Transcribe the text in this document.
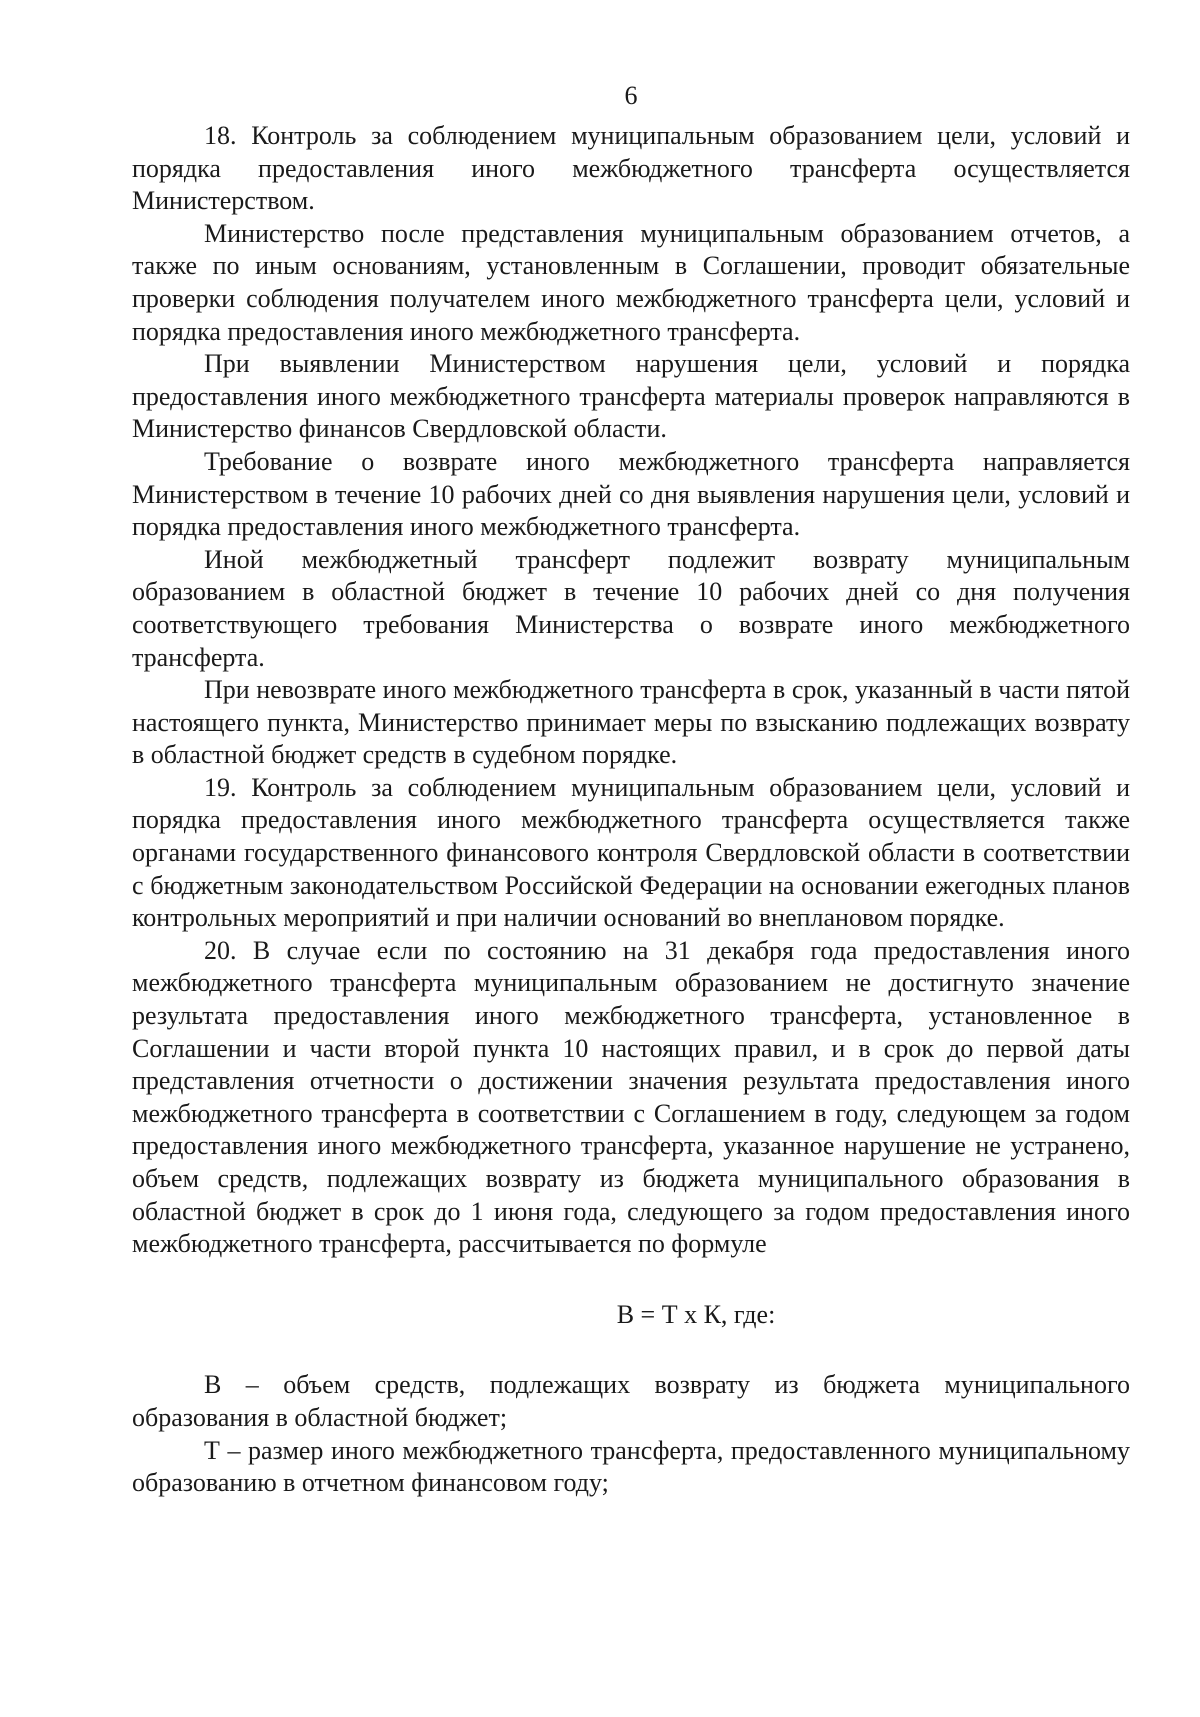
6

18. Контроль за соблюдением муниципальным образованием цели, условий и порядка предоставления иного межбюджетного трансферта осуществляется Министерством.

Министерство после представления муниципальным образованием отчетов, а также по иным основаниям, установленным в Соглашении, проводит обязательные проверки соблюдения получателем иного межбюджетного трансферта цели, условий и порядка предоставления иного межбюджетного трансферта.

При выявлении Министерством нарушения цели, условий и порядка предоставления иного межбюджетного трансферта материалы проверок направляются в Министерство финансов Свердловской области.

Требование о возврате иного межбюджетного трансферта направляется Министерством в течение 10 рабочих дней со дня выявления нарушения цели, условий и порядка предоставления иного межбюджетного трансферта.

Иной межбюджетный трансферт подлежит возврату муниципальным образованием в областной бюджет в течение 10 рабочих дней со дня получения соответствующего требования Министерства о возврате иного межбюджетного трансферта.

При невозврате иного межбюджетного трансферта в срок, указанный в части пятой настоящего пункта, Министерство принимает меры по взысканию подлежащих возврату в областной бюджет средств в судебном порядке.

19. Контроль за соблюдением муниципальным образованием цели, условий и порядка предоставления иного межбюджетного трансферта осуществляется также органами государственного финансового контроля Свердловской области в соответствии с бюджетным законодательством Российской Федерации на основании ежегодных планов контрольных мероприятий и при наличии оснований во внеплановом порядке.

20. В случае если по состоянию на 31 декабря года предоставления иного межбюджетного трансферта муниципальным образованием не достигнуто значение результата предоставления иного межбюджетного трансферта, установленное в Соглашении и части второй пункта 10 настоящих правил, и в срок до первой даты представления отчетности о достижении значения результата предоставления иного межбюджетного трансферта в соответствии с Соглашением в году, следующем за годом предоставления иного межбюджетного трансферта, указанное нарушение не устранено, объем средств, подлежащих возврату из бюджета муниципального образования в областной бюджет в срок до 1 июня года, следующего за годом предоставления иного межбюджетного трансферта, рассчитывается по формуле

В = Т х К, где:

В – объем средств, подлежащих возврату из бюджета муниципального образования в областной бюджет;

Т – размер иного межбюджетного трансферта, предоставленного муниципальному образованию в отчетном финансовом году;
